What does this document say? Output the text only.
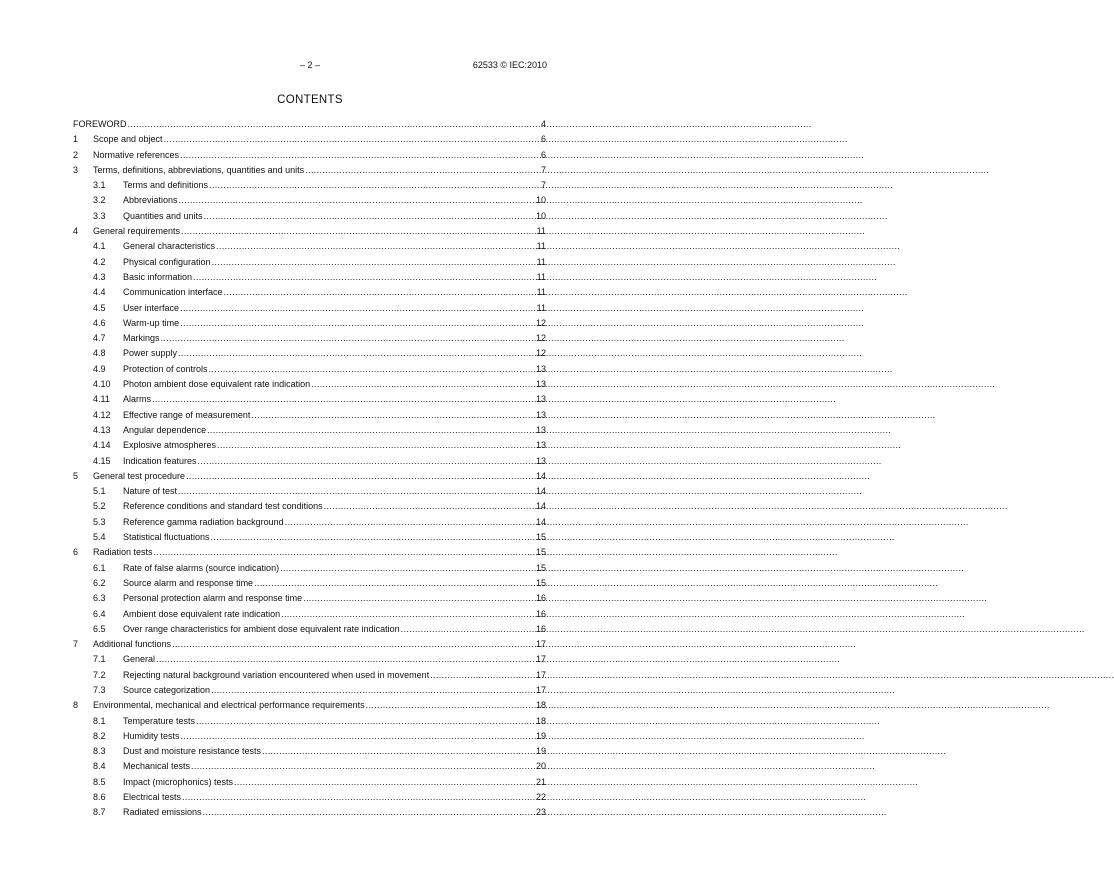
– 2 –	62533 © IEC:2010
CONTENTS
FOREWORD .....	4
1	Scope and object .....	6
2	Normative references .....	6
3	Terms, definitions, abbreviations, quantities and units .....	7
3.1	Terms and definitions .....	7
3.2	Abbreviations .....	10
3.3	Quantities and units .....	10
4	General requirements .....	11
4.1	General characteristics .....	11
4.2	Physical configuration .....	11
4.3	Basic information .....	11
4.4	Communication interface .....	11
4.5	User interface .....	11
4.6	Warm-up time .....	12
4.7	Markings .....	12
4.8	Power supply .....	12
4.9	Protection of controls .....	13
4.10	Photon ambient dose equivalent rate indication .....	13
4.11	Alarms .....	13
4.12	Effective range of measurement .....	13
4.13	Angular dependence .....	13
4.14	Explosive atmospheres .....	13
4.15	Indication features .....	13
5	General test procedure .....	14
5.1	Nature of test .....	14
5.2	Reference conditions and standard test conditions .....	14
5.3	Reference gamma radiation background .....	14
5.4	Statistical fluctuations .....	15
6	Radiation tests .....	15
6.1	Rate of false alarms (source indication) .....	15
6.2	Source alarm and response time .....	15
6.3	Personal protection alarm and response time .....	16
6.4	Ambient dose equivalent rate indication .....	16
6.5	Over range characteristics for ambient dose equivalent rate indication .....	16
7	Additional functions .....	17
7.1	General .....	17
7.2	Rejecting natural background variation encountered when used in movement .....	17
7.3	Source categorization .....	17
8	Environmental, mechanical and electrical performance requirements .....	18
8.1	Temperature tests .....	18
8.2	Humidity tests .....	19
8.3	Dust and moisture resistance tests .....	19
8.4	Mechanical tests .....	20
8.5	Impact (microphonics) tests .....	21
8.6	Electrical tests .....	22
8.7	Radiated emissions .....	23
